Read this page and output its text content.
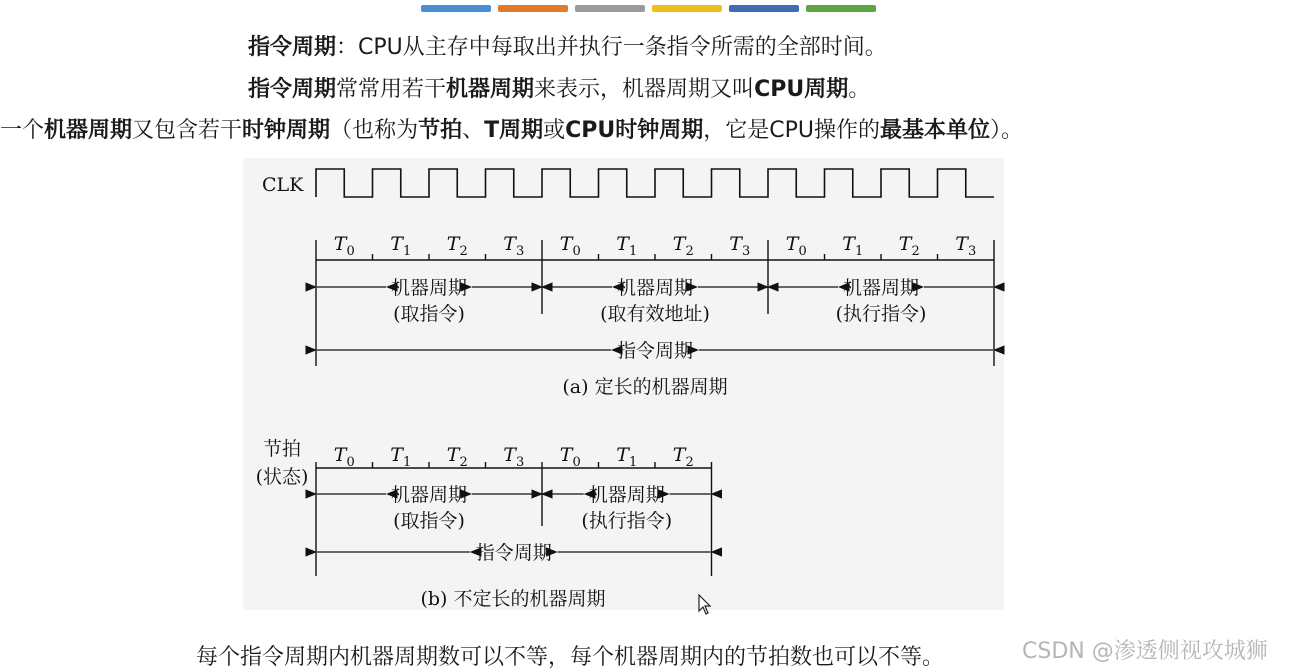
指令周期：CPU从主存中每取出并执行一条指令所需的全部时间。
指令周期常常用若干机器周期来表示，机器周期又叫CPU周期。
一个机器周期又包含若干时钟周期（也称为节拍、T周期或CPU时钟周期，它是CPU操作的最基本单位）。
CLK
$T_0$ $T_1$ $T_2$ $T_3$ $T_0$ $T_1$ $T_2$ $T_3$ $T_0$ $T_1$ $T_2$ $T_3$
机器周期
(取指令)
机器周期
(取有效地址)
机器周期
(执行指令)
指令周期
(a) 定长的机器周期
节拍
(状态)
$T_0$ $T_1$ $T_2$ $T_3$ $T_0$ $T_1$ $T_2$
机器周期
(取指令)
机器周期
(执行指令)
指令周期
(b) 不定长的机器周期
每个指令周期内机器周期数可以不等，每个机器周期内的节拍数也可以不等。	CSDN @渗透侧视攻城狮
